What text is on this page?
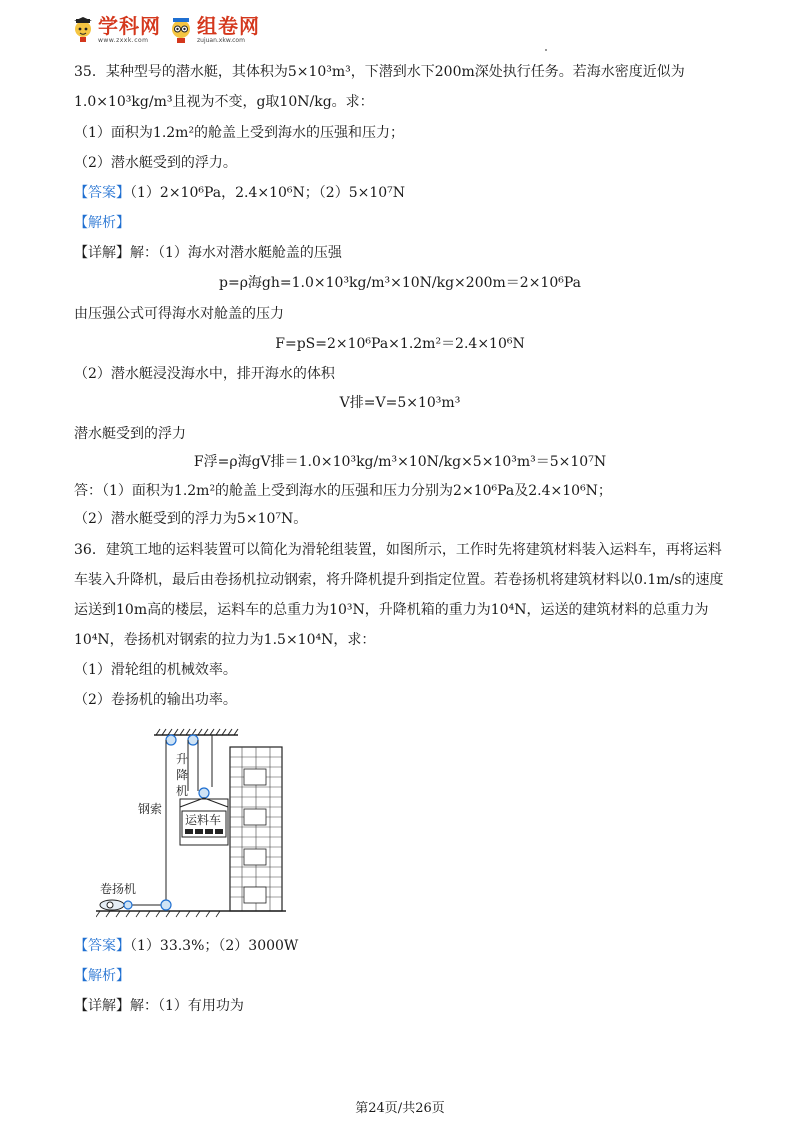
学科网
www.zxxk.com
组卷网
zujuan.xkw.com
35．某种型号的潜水艇，其体积为5×10³m³，下潜到水下200m深处执行任务。若海水密度近似为
1.0×10³kg/m³且视为不变，g取10N/kg。求：
（1）面积为1.2m²的舱盖上受到海水的压强和压力；
（2）潜水艇受到的浮力。
【答案】（1）2×10⁶Pa，2.4×10⁶N；（2）5×10⁷N
【解析】
【详解】解：（1）海水对潜水艇舱盖的压强
p=ρ海gh=1.0×10³kg/m³×10N/kg×200m＝2×10⁶Pa
由压强公式可得海水对舱盖的压力
F=pS=2×10⁶Pa×1.2m²＝2.4×10⁶N
（2）潜水艇浸没海水中，排开海水的体积
V排=V=5×10³m³
潜水艇受到的浮力
F浮=ρ海gV排＝1.0×10³kg/m³×10N/kg×5×10³m³＝5×10⁷N
答：（1）面积为1.2m²的舱盖上受到海水的压强和压力分别为2×10⁶Pa及2.4×10⁶N；
（2）潜水艇受到的浮力为5×10⁷N。
36．建筑工地的运料装置可以简化为滑轮组装置，如图所示，工作时先将建筑材料装入运料车，再将运料
车装入升降机，最后由卷扬机拉动钢索，将升降机提升到指定位置。若卷扬机将建筑材料以0.1m/s的速度
运送到10m高的楼层，运料车的总重力为10³N，升降机箱的重力为10⁴N，运送的建筑材料的总重力为
10⁴N，卷扬机对钢索的拉力为1.5×10⁴N，求：
（1）滑轮组的机械效率。
（2）卷扬机的输出功率。
升
降
机
钢索
运料车
卷扬机
【答案】（1）33.3%；（2）3000W
【解析】
【详解】解：（1）有用功为
第24页/共26页
